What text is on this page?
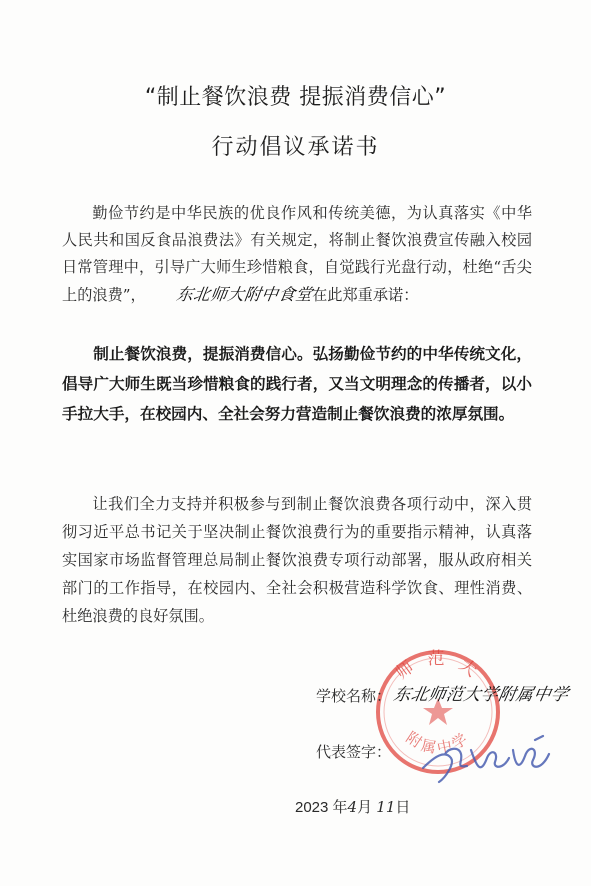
“制止餐饮浪费 提振消费信心”
行动倡议承诺书
勤俭节约是中华民族的优良作风和传统美德，为认真落实《中华人民共和国反食品浪费法》有关规定，将制止餐饮浪费宣传融入校园日常管理中，引导广大师生珍惜粮食，自觉践行光盘行动，杜绝“舌尖上的浪费”， 东北师大附中食堂在此郑重承诺：
制止餐饮浪费，提振消费信心。弘扬勤俭节约的中华传统文化，倡导广大师生既当珍惜粮食的践行者，又当文明理念的传播者，以小手拉大手，在校园内、全社会努力营造制止餐饮浪费的浓厚氛围。
让我们全力支持并积极参与到制止餐饮浪费各项行动中，深入贯彻习近平总书记关于坚决制止餐饮浪费行为的重要指示精神，认真落实国家市场监督管理总局制止餐饮浪费专项行动部署，服从政府相关部门的工作指导，在校园内、全社会积极营造科学饮食、理性消费、杜绝浪费的良好氛围。
师 范 大
附属中学
学校名称： 东北师范大学附属中学
代表签字：
2023 年4月 11日
